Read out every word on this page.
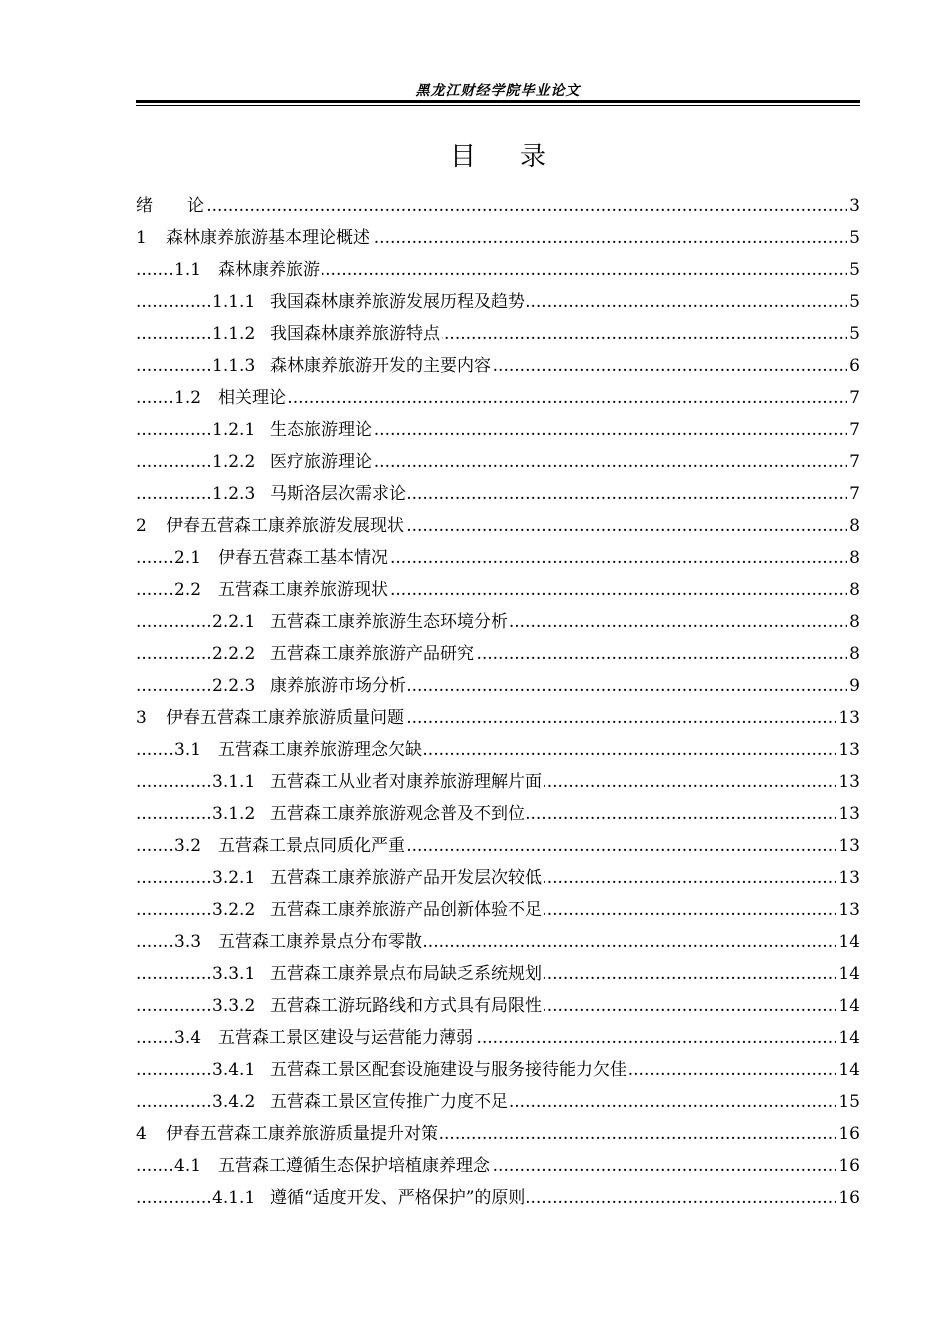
黑龙江财经学院毕业论文
目录
.....
绪　　论	3
.....
1 森林康养旅游基本理论概述	5
.....
1.1 森林康养旅游	5
.....
1.1.1 我国森林康养旅游发展历程及趋势	5
.....
1.1.2 我国森林康养旅游特点	5
.....
1.1.3 森林康养旅游开发的主要内容	6
.....
1.2 相关理论	7
.....
1.2.1 生态旅游理论	7
.....
1.2.2 医疗旅游理论	7
.....
1.2.3 马斯洛层次需求论	7
.....
2 伊春五营森工康养旅游发展现状	8
.....
2.1 伊春五营森工基本情况	8
.....
2.2 五营森工康养旅游现状	8
.....
2.2.1 五营森工康养旅游生态环境分析	8
.....
2.2.2 五营森工康养旅游产品研究	8
.....
2.2.3 康养旅游市场分析	9
.....
3 伊春五营森工康养旅游质量问题	13
.....
3.1 五营森工康养旅游理念欠缺	13
.....
3.1.1 五营森工从业者对康养旅游理解片面	13
.....
3.1.2 五营森工康养旅游观念普及不到位	13
.....
3.2 五营森工景点同质化严重	13
.....
3.2.1 五营森工康养旅游产品开发层次较低	13
.....
3.2.2 五营森工康养旅游产品创新体验不足	13
.....
3.3 五营森工康养景点分布零散	14
.....
3.3.1 五营森工康养景点布局缺乏系统规划	14
.....
3.3.2 五营森工游玩路线和方式具有局限性	14
.....
3.4 五营森工景区建设与运营能力薄弱	14
.....
3.4.1 五营森工景区配套设施建设与服务接待能力欠佳	14
.....
3.4.2 五营森工景区宣传推广力度不足	15
.....
4 伊春五营森工康养旅游质量提升对策	16
.....
4.1 五营森工遵循生态保护培植康养理念	16
.....
4.1.1 遵循“适度开发、严格保护”的原则	16
